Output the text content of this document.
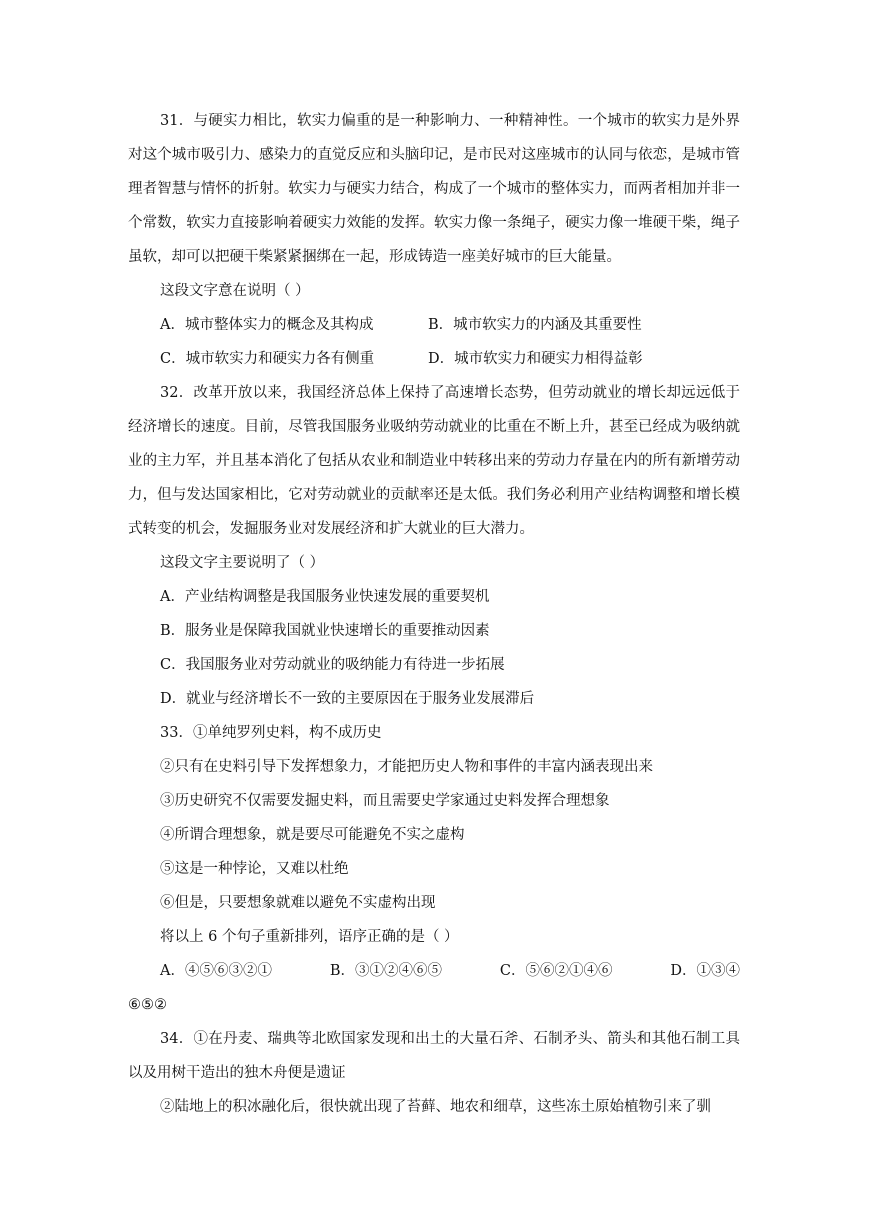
31．与硬实力相比，软实力偏重的是一种影响力、一种精神性。一个城市的软实力是外界对这个城市吸引力、感染力的直觉反应和头脑印记，是市民对这座城市的认同与依恋，是城市管理者智慧与情怀的折射。软实力与硬实力结合，构成了一个城市的整体实力，而两者相加并非一个常数，软实力直接影响着硬实力效能的发挥。软实力像一条绳子，硬实力像一堆硬干柴，绳子虽软，却可以把硬干柴紧紧捆绑在一起，形成铸造一座美好城市的巨大能量。

这段文字意在说明（ ）

A．城市整体实力的概念及其构成	B．城市软实力的内涵及其重要性
C．城市软实力和硬实力各有侧重	D．城市软实力和硬实力相得益彰

32．改革开放以来，我国经济总体上保持了高速增长态势，但劳动就业的增长却远远低于经济增长的速度。目前，尽管我国服务业吸纳劳动就业的比重在不断上升，甚至已经成为吸纳就业的主力军，并且基本消化了包括从农业和制造业中转移出来的劳动力存量在内的所有新增劳动力，但与发达国家相比，它对劳动就业的贡献率还是太低。我们务必利用产业结构调整和增长模式转变的机会，发掘服务业对发展经济和扩大就业的巨大潜力。

这段文字主要说明了（ ）

A．产业结构调整是我国服务业快速发展的重要契机

B．服务业是保障我国就业快速增长的重要推动因素

C．我国服务业对劳动就业的吸纳能力有待进一步拓展

D．就业与经济增长不一致的主要原因在于服务业发展滞后

33．①单纯罗列史料，构不成历史

②只有在史料引导下发挥想象力，才能把历史人物和事件的丰富内涵表现出来

③历史研究不仅需要发掘史料，而且需要史学家通过史料发挥合理想象

④所谓合理想象，就是要尽可能避免不实之虚构

⑤这是一种悖论，又难以杜绝

⑥但是，只要想象就难以避免不实虚构出现

将以上 6 个句子重新排列，语序正确的是（ ）

A．④⑤⑥③②①	B．③①②④⑥⑤	C．⑤⑥②①④⑥	D．①③④

⑥⑤②

34．①在丹麦、瑞典等北欧国家发现和出土的大量石斧、石制矛头、箭头和其他石制工具以及用树干造出的独木舟便是遗证

②陆地上的积冰融化后，很快就出现了苔藓、地农和细草，这些冻土原始植物引来了驯
